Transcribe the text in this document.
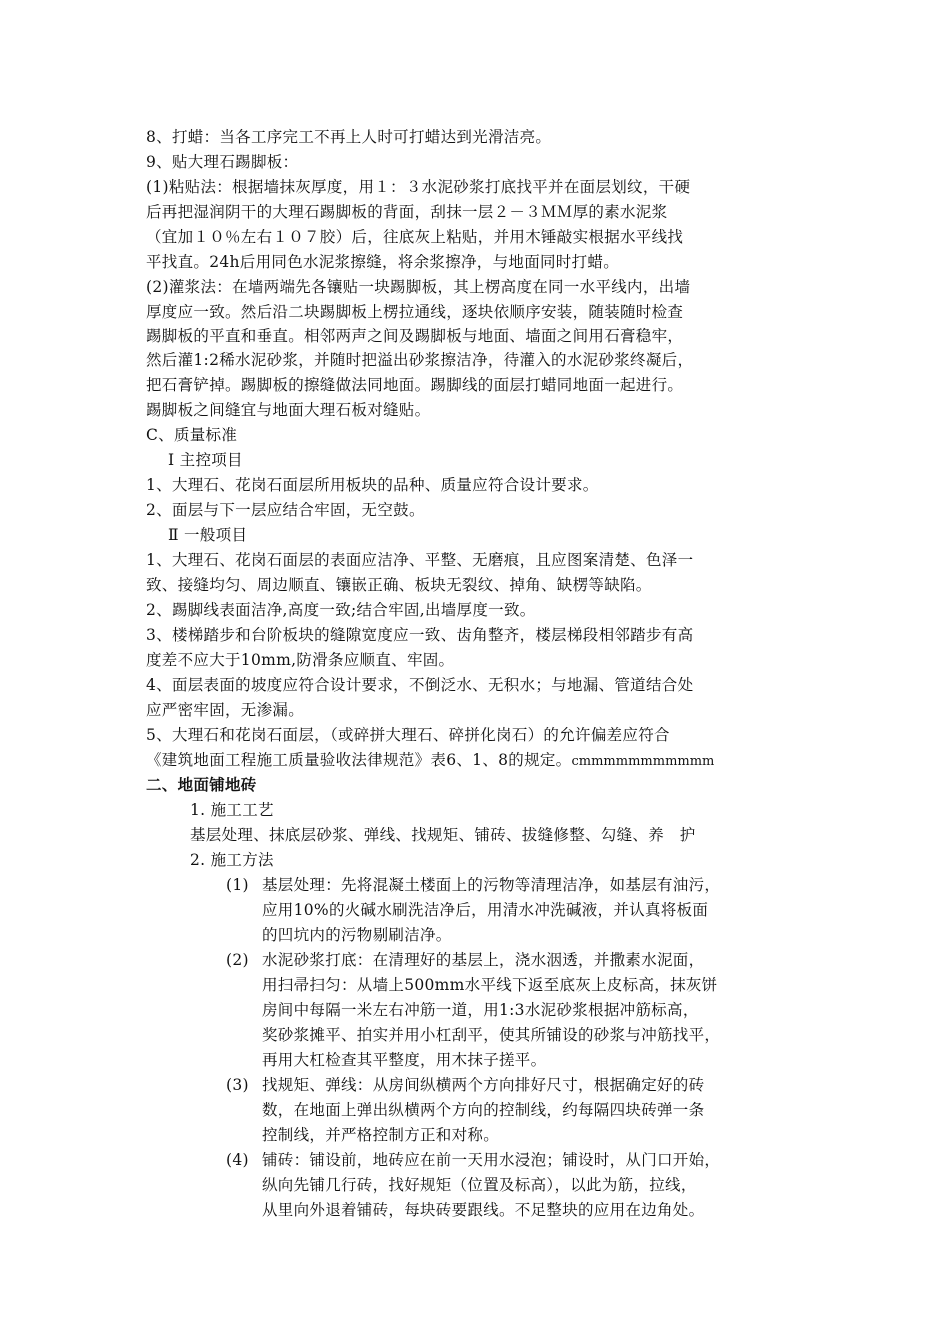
8、打蜡：当各工序完工不再上人时可打蜡达到光滑洁亮。
9、贴大理石踢脚板：
(1)粘贴法：根据墙抹灰厚度，用１：３水泥砂浆打底找平并在面层划纹，干硬
后再把湿润阴干的大理石踢脚板的背面，刮抹一层２－３ＭＭ厚的素水泥浆
（宜加１０％左右１０７胶）后，往底灰上粘贴，并用木锤敲实根据水平线找
平找直。24h后用同色水泥浆擦缝，将余浆擦净，与地面同时打蜡。
(2)灌浆法：在墙两端先各镶贴一块踢脚板，其上楞高度在同一水平线内，出墙
厚度应一致。然后沿二块踢脚板上楞拉通线，逐块依顺序安装，随装随时检查
踢脚板的平直和垂直。相邻两声之间及踢脚板与地面、墙面之间用石膏稳牢，
然后灌1:2稀水泥砂浆，并随时把溢出砂浆擦洁净，待灌入的水泥砂浆终凝后，
把石膏铲掉。踢脚板的擦缝做法同地面。踢脚线的面层打蜡同地面一起进行。
踢脚板之间缝宜与地面大理石板对缝贴。
C、质量标准
Ⅰ 主控项目
1、大理石、花岗石面层所用板块的品种、质量应符合设计要求。
2、面层与下一层应结合牢固，无空鼓。
Ⅱ 一般项目
1、大理石、花岗石面层的表面应洁净、平整、无磨痕，且应图案清楚、色泽一
致、接缝均匀、周边顺直、镶嵌正确、板块无裂纹、掉角、缺楞等缺陷。
2、踢脚线表面洁净,高度一致;结合牢固,出墙厚度一致。
3、楼梯踏步和台阶板块的缝隙宽度应一致、齿角整齐，楼层梯段相邻踏步有高
度差不应大于10mm,防滑条应顺直、牢固。
4、面层表面的坡度应符合设计要求，不倒泛水、无积水；与地漏、管道结合处
应严密牢固，无渗漏。
5、大理石和花岗石面层，（或碎拼大理石、碎拼化岗石）的允许偏差应符合
《建筑地面工程施工质量验收法律规范》表6、1、8的规定。cmmmmmmmmmmm
二、地面铺地砖
1. 施工工艺
基层处理、抹底层砂浆、弹线、找规矩、铺砖、拔缝修整、勾缝、养　护
2. 施工方法
(1) 基层处理：先将混凝土楼面上的污物等清理洁净，如基层有油污，
应用10%的火碱水刷洗洁净后，用清水冲洗碱液，并认真将板面
的凹坑内的污物剔刷洁净。
(2) 水泥砂浆打底：在清理好的基层上，浇水洇透，并撒素水泥面，
用扫帚扫匀：从墙上500mm水平线下返至底灰上皮标高，抹灰饼
房间中每隔一米左右冲筋一道，用1:3水泥砂浆根据冲筋标高，
奖砂浆摊平、拍实并用小杠刮平，使其所铺设的砂浆与冲筋找平，
再用大杠检查其平整度，用木抹子搓平。
(3) 找规矩、弹线：从房间纵横两个方向排好尺寸，根据确定好的砖
数，在地面上弹出纵横两个方向的控制线，约每隔四块砖弹一条
控制线，并严格控制方正和对称。
(4) 铺砖：铺设前，地砖应在前一天用水浸泡；铺设时，从门口开始，
纵向先铺几行砖，找好规矩（位置及标高），以此为筋，拉线，
从里向外退着铺砖，每块砖要跟线。不足整块的应用在边角处。
